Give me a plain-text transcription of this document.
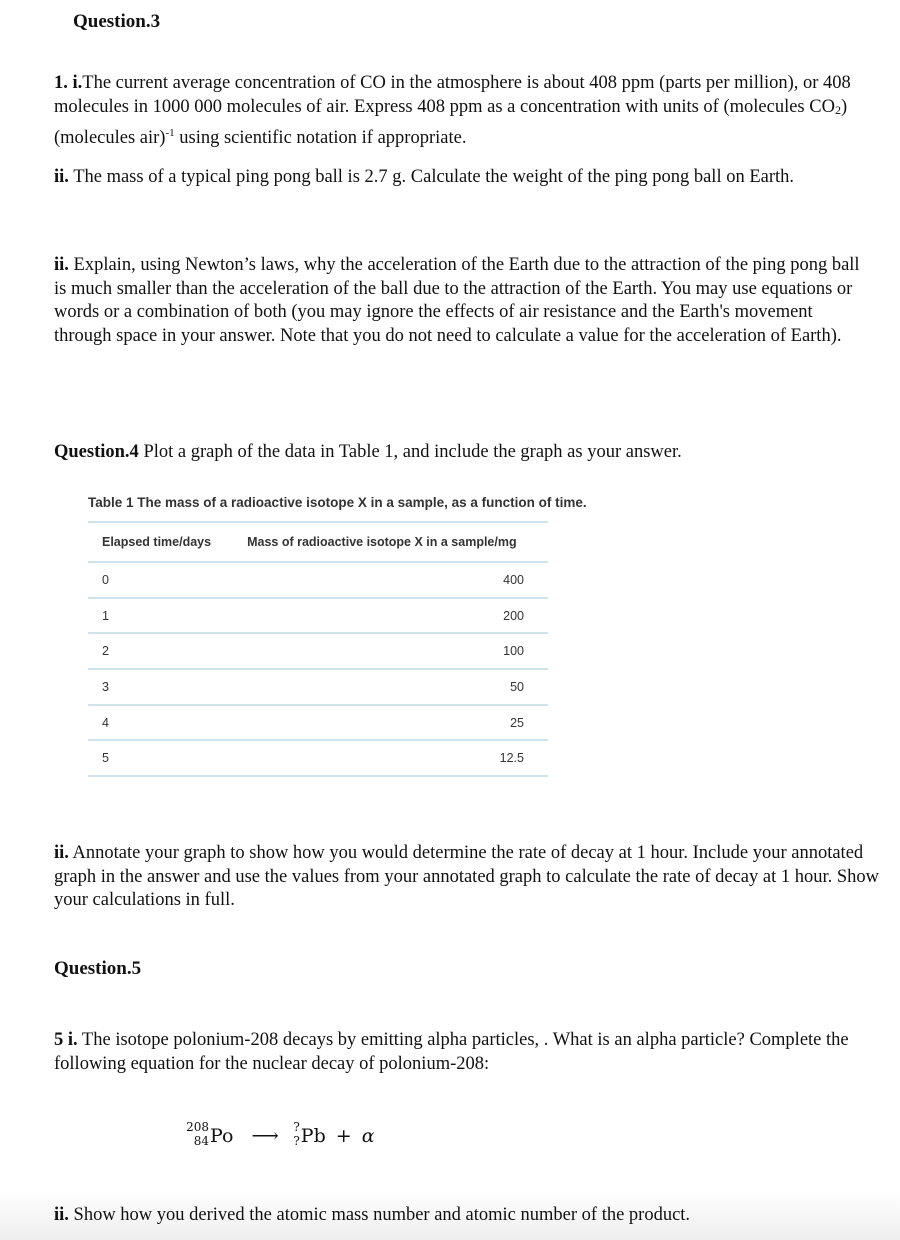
Question.3
1. i.The current average concentration of CO in the atmosphere is about 408 ppm (parts per million), or 408 molecules in 1000 000 molecules of air. Express 408 ppm as a concentration with units of (molecules $CO_2$) (molecules air)$^{-1}$ using scientific notation if appropriate.
ii. The mass of a typical ping pong ball is 2.7 g. Calculate the weight of the ping pong ball on Earth.
ii. Explain, using Newton’s laws, why the acceleration of the Earth due to the attraction of the ping pong ball is much smaller than the acceleration of the ball due to the attraction of the Earth. You may use equations or words or a combination of both (you may ignore the effects of air resistance and the Earth's movement through space in your answer. Note that you do not need to calculate a value for the acceleration of Earth).
Question.4 Plot a graph of the data in Table 1, and include the graph as your answer.
Table 1 The mass of a radioactive isotope X in a sample, as a function of time.
Elapsed time/days	Mass of radioactive isotope X in a sample/mg
0	400
1	200
2	100
3	50
4	25
5	12.5
ii. Annotate your graph to show how you would determine the rate of decay at 1 hour. Include your annotated graph in the answer and use the values from your annotated graph to calculate the rate of decay at 1 hour. Show your calculations in full.
Question.5
5 i. The isotope polonium-208 decays by emitting alpha particles, . What is an alpha particle? Complete the following equation for the nuclear decay of polonium-208:
208
84 Po ⟶ ?
? Pb + α
ii. Show how you derived the atomic mass number and atomic number of the product.
